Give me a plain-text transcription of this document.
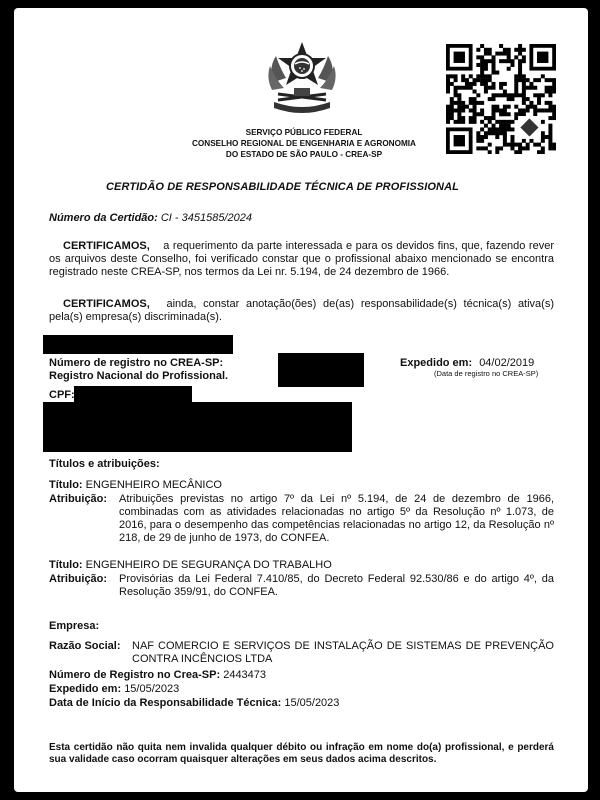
SERVIÇO PÚBLICO FEDERAL
CONSELHO REGIONAL DE ENGENHARIA E AGRONOMIA
DO ESTADO DE SÃO PAULO - CREA-SP
CERTIDÃO DE RESPONSABILIDADE TÉCNICA DE PROFISSIONAL
Número da Certidão: CI - 3451585/2024
CERTIFICAMOS, a requerimento da parte interessada e para os devidos fins, que, fazendo rever os arquivos deste Conselho, foi verificado constar que o profissional abaixo mencionado se encontra registrado neste CREA-SP, nos termos da Lei nr. 5.194, de 24 dezembro de 1966.
CERTIFICAMOS, ainda, constar anotação(ões) de(as) responsabilidade(s) técnica(s) ativa(s) pela(s) empresa(s) discriminada(s).
Número de registro no CREA-SP:
Registro Nacional do Profissional.
Expedido em: 04/02/2019
(Data de registro no CREA-SP)
CPF:
Títulos e atribuições:
Título: ENGENHEIRO MECÂNICO
Atribuição: Atribuições previstas no artigo 7º da Lei nº 5.194, de 24 de dezembro de 1966, combinadas com as atividades relacionadas no artigo 5º da Resolução nº 1.073, de 2016, para o desempenho das competências relacionadas no artigo 12, da Resolução nº 218, de 29 de junho de 1973, do CONFEA.
Título: ENGENHEIRO DE SEGURANÇA DO TRABALHO
Atribuição: Provisórias da Lei Federal 7.410/85, do Decreto Federal 92.530/86 e do artigo 4º, da Resolução 359/91, do CONFEA.
Empresa:
Razão Social: NAF COMERCIO E SERVIÇOS DE INSTALAÇÃO DE SISTEMAS DE PREVENÇÃO CONTRA INCÊNCIOS LTDA
Número de Registro no Crea-SP: 2443473
Expedido em: 15/05/2023
Data de Início da Responsabilidade Técnica: 15/05/2023
Esta certidão não quita nem invalida qualquer débito ou infração em nome do(a) profissional, e perderá sua validade caso ocorram quaisquer alterações em seus dados acima descritos.
